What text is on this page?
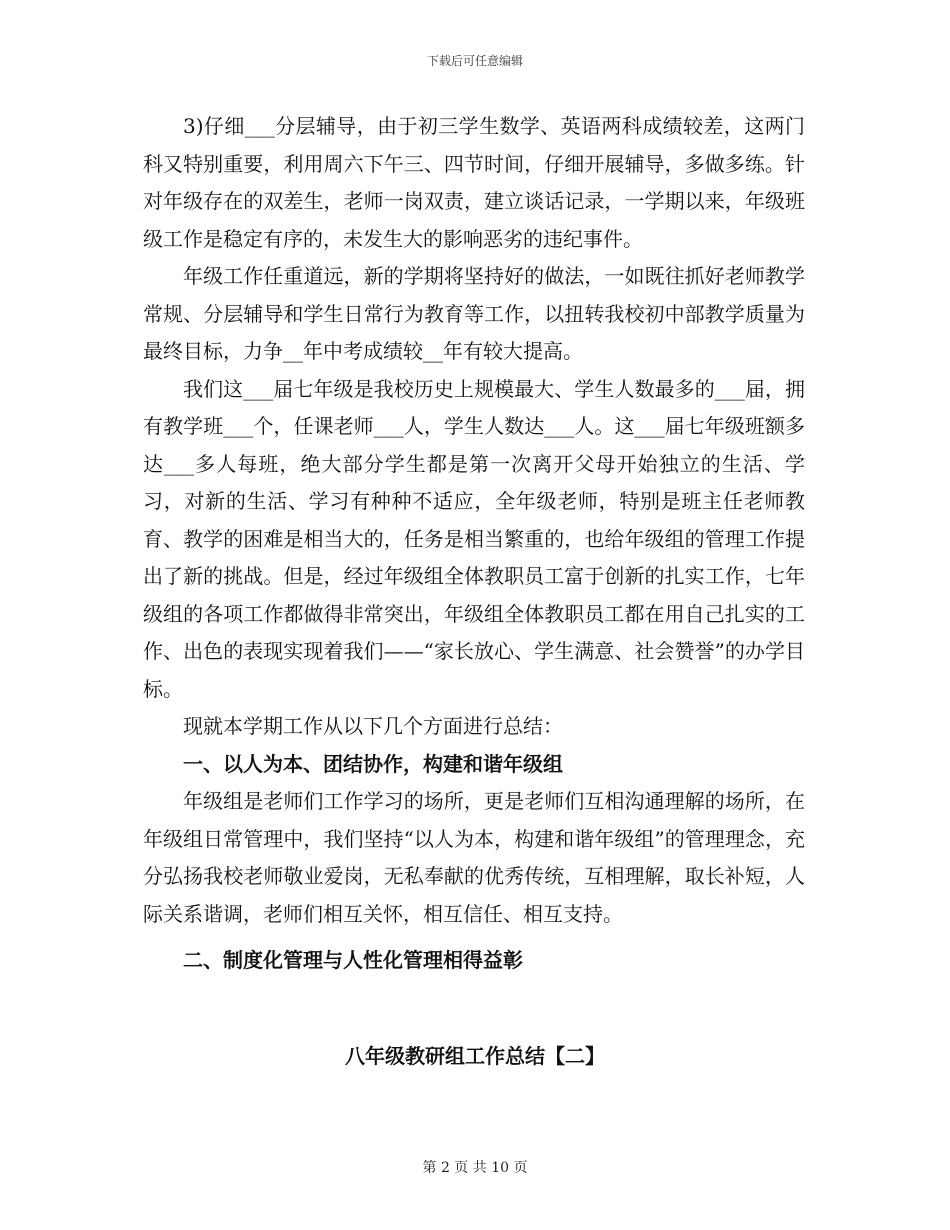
下载后可任意编辑

3)仔细___分层辅导，由于初三学生数学、英语两科成绩较差，这两门科又特别重要，利用周六下午三、四节时间，仔细开展辅导，多做多练。针对年级存在的双差生，老师一岗双责，建立谈话记录，一学期以来，年级班级工作是稳定有序的，未发生大的影响恶劣的违纪事件。

年级工作任重道远，新的学期将坚持好的做法，一如既往抓好老师教学常规、分层辅导和学生日常行为教育等工作，以扭转我校初中部教学质量为最终目标，力争__年中考成绩较__年有较大提高。

我们这___届七年级是我校历史上规模最大、学生人数最多的___届，拥有教学班___个，任课老师___人，学生人数达___人。这___届七年级班额多达___多人每班，绝大部分学生都是第一次离开父母开始独立的生活、学习，对新的生活、学习有种种不适应，全年级老师，特别是班主任老师教育、教学的困难是相当大的，任务是相当繁重的，也给年级组的管理工作提出了新的挑战。但是，经过年级组全体教职员工富于创新的扎实工作，七年级组的各项工作都做得非常突出，年级组全体教职员工都在用自己扎实的工作、出色的表现实现着我们——“家长放心、学生满意、社会赞誉”的办学目标。

现就本学期工作从以下几个方面进行总结：

一、以人为本、团结协作，构建和谐年级组

年级组是老师们工作学习的场所，更是老师们互相沟通理解的场所，在年级组日常管理中，我们坚持“以人为本，构建和谐年级组”的管理理念，充分弘扬我校老师敬业爱岗，无私奉献的优秀传统，互相理解，取长补短，人际关系谐调，老师们相互关怀，相互信任、相互支持。

二、制度化管理与人性化管理相得益彰

八年级教研组工作总结【二】
第 2 页 共 10 页
